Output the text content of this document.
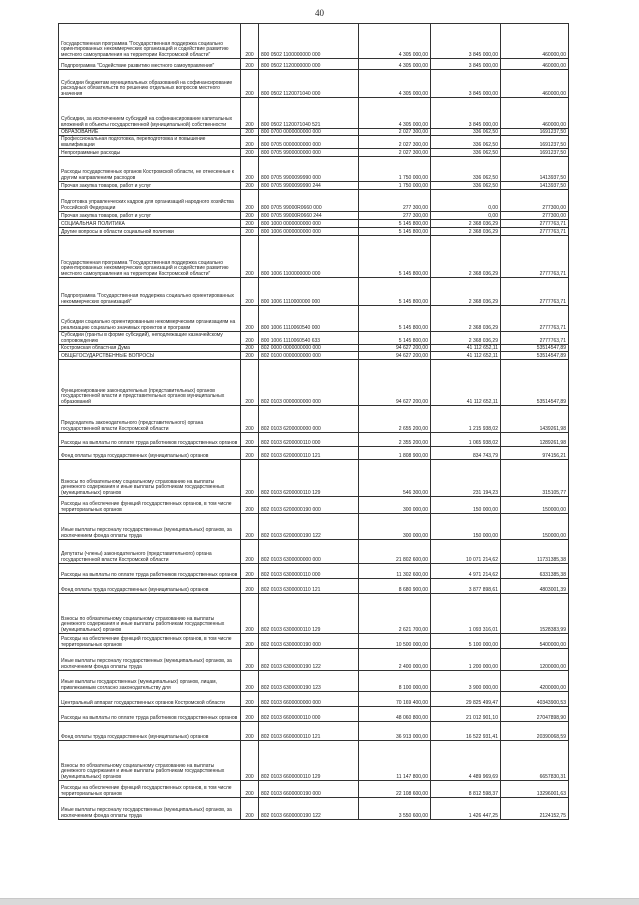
40
Государственная программа "Государственная поддержка социально ориентированных некоммерческих организаций и содействие развитию местного самоуправления на территории Костромской области"	200	800 0502 1100000000 000	4 305 000,00	3 845 000,00	460000,00
Подпрограмма "Содействие развитию местного самоуправления"	200	800 0502 1120000000 000	4 305 000,00	3 845 000,00	460000,00
Субсидии бюджетам муниципальных образований на софинансирование расходных обязательств по решению отдельных вопросов местного значения	200	800 0502 1120071040 000	4 305 000,00	3 845 000,00	460000,00
Субсидии, за исключением субсидий на софинансирование капитальных вложений в объекты государственной (муниципальной) собственности	200	800 0502 1120071040 521	4 305 000,00	3 845 000,00	460000,00
ОБРАЗОВАНИЕ	200	800 0700 0000000000 000	2 027 300,00	336 062,50	1691237,50
Профессиональная подготовка, переподготовка и повышение квалификации	200	800 0705 0000000000 000	2 027 300,00	336 062,50	1691237,50
Непрограммные расходы	200	800 0705 9900000000 000	2 027 300,00	336 062,50	1691237,50
Расходы государственных органов Костромской области, не отнесенные к другим направлениям расходов	200	800 0705 9900099990 000	1 750 000,00	336 062,50	1413937,50
Прочая закупка товаров, работ и услуг	200	800 0705 9900099990 244	1 750 000,00	336 062,50	1413937,50
Подготовка управленческих кадров для организаций народного хозяйства Российской Федерации	200	800 0705 99000R0660 000	277 300,00	0,00	277300,00
Прочая закупка товаров, работ и услуг	200	800 0705 99000R0660 244	277 300,00	0,00	277300,00
СОЦИАЛЬНАЯ ПОЛИТИКА	200	800 1000 0000000000 000	5 145 800,00	2 368 036,29	2777763,71
Другие вопросы в области социальной политики	200	800 1006 0000000000 000	5 145 800,00	2 368 036,29	2777763,71
Государственная программа "Государственная поддержка социально ориентированных некоммерческих организаций и содействие развитию местного самоуправления на территории Костромской области"	200	800 1006 1100000000 000	5 145 800,00	2 368 036,29	2777763,71
Подпрограмма "Государственная поддержка социально ориентированных некоммерческих организаций"	200	800 1006 1110000000 000	5 145 800,00	2 368 036,29	2777763,71
Субсидии социально ориентированным некоммерческим организациям на реализацию социально значимых проектов и программ	200	800 1006 1110060540 000	5 145 800,00	2 368 036,29	2777763,71
Субсидии (гранты в форме субсидий), неподлежащие казначейскому сопровождению	200	800 1006 1110060540 633	5 145 800,00	2 368 036,29	2777763,71
Костромская областная Дума	200	802 0000 0000000000 000	94 627 200,00	41 112 652,11	53514547,89
ОБЩЕГОСУДАРСТВЕННЫЕ ВОПРОСЫ	200	802 0100 0000000000 000	94 627 200,00	41 112 652,11	53514547,89
Функционирование законодательных (представительных) органов государственной власти и представительных органов муниципальных образований	200	802 0103 0000000000 000	94 627 200,00	41 112 652,11	53514547,89
Председатель законодательного (представительного) органа государственной власти Костромской области	200	802 0103 6200000000 000	2 655 200,00	1 215 938,02	1439261,98
Расходы на выплаты по оплате труда работников государственных органов	200	802 0103 6200000110 000	2 355 200,00	1 065 938,02	1289261,98
Фонд оплаты труда государственных (муниципальных) органов	200	802 0103 6200000110 121	1 808 900,00	834 743,79	974156,21
Взносы по обязательному социальному страхованию на выплаты денежного содержания и иные выплаты работникам государственных (муниципальных) органов	200	802 0103 6200000110 129	546 300,00	231 194,23	315105,77
Расходы на обеспечение функций государственных органов, в том числе территориальных органов	200	802 0103 6200000190 000	300 000,00	150 000,00	150000,00
Иные выплаты персоналу государственных (муниципальных) органов, за исключением фонда оплаты труда	200	802 0103 6200000190 122	300 000,00	150 000,00	150000,00
Депутаты (члены) законодательного (представительного) органа государственной власти Костромской области	200	802 0103 6300000000 000	21 802 600,00	10 071 214,62	11731385,38
Расходы на выплаты по оплате труда работников государственных органов	200	802 0103 6300000110 000	11 302 600,00	4 971 214,62	6331385,38
Фонд оплаты труда государственных (муниципальных) органов	200	802 0103 6300000110 121	8 680 900,00	3 877 898,61	4803001,39
Взносы по обязательному социальному страхованию на выплаты денежного содержания и иные выплаты работникам государственных (муниципальных) органов	200	802 0103 6300000110 129	2 621 700,00	1 093 316,01	1528383,99
Расходы на обеспечение функций государственных органов, в том числе территориальных органов	200	802 0103 6300000190 000	10 500 000,00	5 100 000,00	5400000,00
Иные выплаты персоналу государственных (муниципальных) органов, за исключением фонда оплаты труда	200	802 0103 6300000190 122	2 400 000,00	1 200 000,00	1200000,00
Иные выплаты государственных (муниципальных) органов, лицам, привлекаемым согласно законодательству для	200	802 0103 6300000190 123	8 100 000,00	3 900 000,00	4200000,00
Центральный аппарат государственных органов Костромской области	200	802 0103 6600000000 000	70 169 400,00	29 825 499,47	40343900,53
Расходы на выплаты по оплате труда работников государственных органов	200	802 0103 6600000110 000	48 060 800,00	21 012 901,10	27047898,90
Фонд оплаты труда государственных (муниципальных) органов	200	802 0103 6600000110 121	36 913 000,00	16 522 931,41	20390068,59
Взносы по обязательному социальному страхованию на выплаты денежного содержания и иные выплаты работникам государственных (муниципальных) органов	200	802 0103 6600000110 129	11 147 800,00	4 489 969,69	6657830,31
Расходы на обеспечение функций государственных органов, в том числе территориальных органов	200	802 0103 6600000190 000	22 108 600,00	8 812 598,37	13296001,63
Иные выплаты персоналу государственных (муниципальных) органов, за исключением фонда оплаты труда	200	802 0103 6600000190 122	3 550 600,00	1 426 447,25	2124152,75
